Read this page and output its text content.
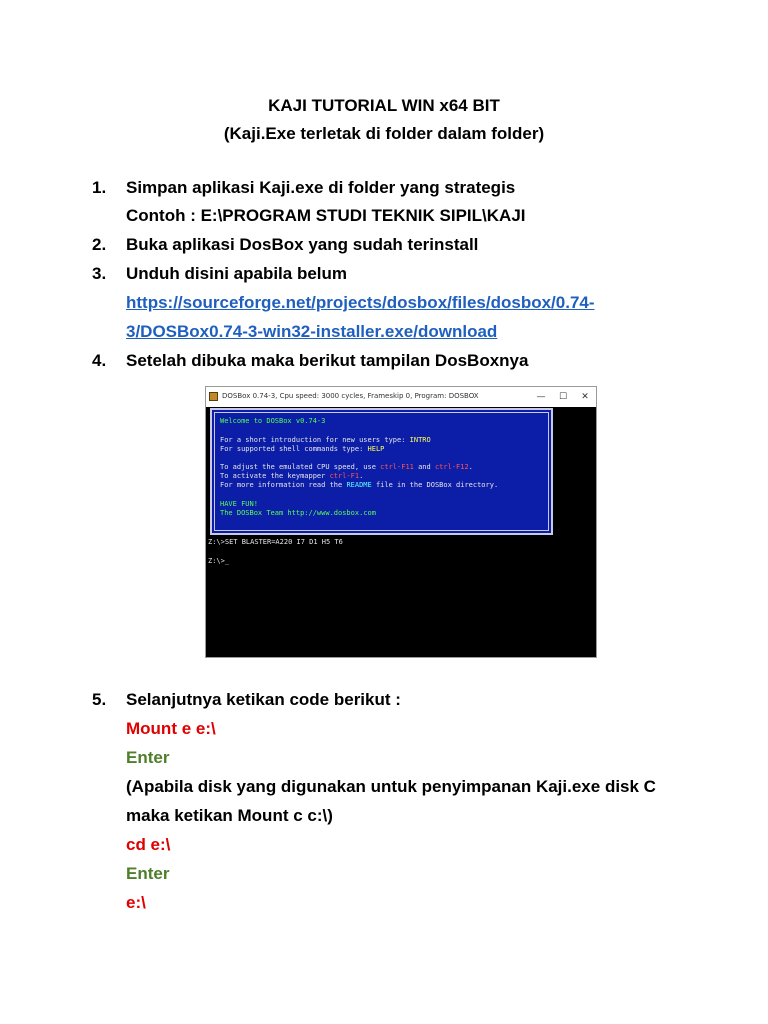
KAJI TUTORIAL WIN x64 BIT
(Kaji.Exe terletak di folder dalam folder)
1. Simpan aplikasi Kaji.exe di folder yang strategis
Contoh : E:\PROGRAM STUDI TEKNIK SIPIL\KAJI
2. Buka aplikasi DosBox yang sudah terinstall
3. Unduh disini apabila belum
https://sourceforge.net/projects/dosbox/files/dosbox/0.74-
3/DOSBox0.74-3-win32-installer.exe/download
4. Setelah dibuka maka berikut tampilan DosBoxnya
DOSBox 0.74-3, Cpu speed: 3000 cycles, Frameskip 0, Program: DOSBOX	—	☐	✕
Welcome to DOSBox v0.74-3
For a short introduction for new users type: INTRO
For supported shell commands type: HELP
To adjust the emulated CPU speed, use ctrl-F11 and ctrl-F12.
To activate the keymapper ctrl-F1.
For more information read the README file in the DOSBox directory.
HAVE FUN!
The DOSBox Team http://www.dosbox.com
Z:\>SET BLASTER=A220 I7 D1 H5 T6
Z:\>_
5. Selanjutnya ketikan code berikut :
Mount e e:\
Enter
(Apabila disk yang digunakan untuk penyimpanan Kaji.exe disk C
maka ketikan Mount c c:\)
cd e:\
Enter
e:\
